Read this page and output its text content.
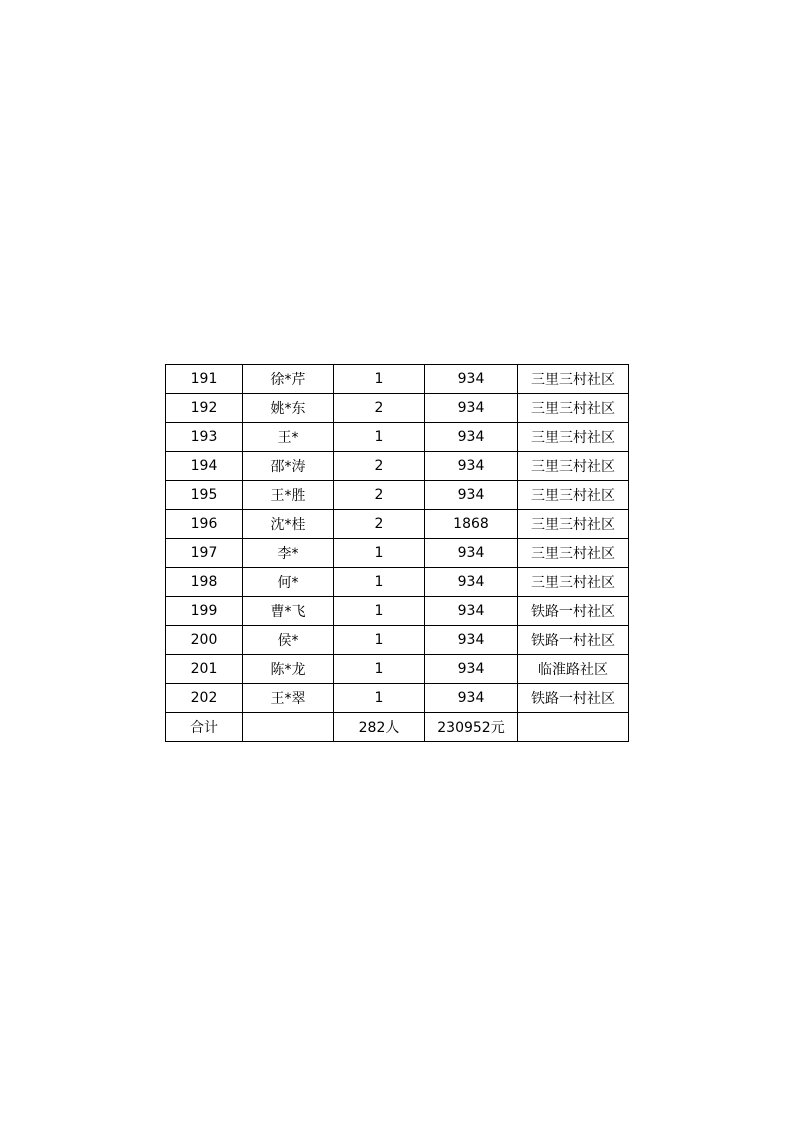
191	徐*芹	1	934	三里三村社区
192	姚*东	2	934	三里三村社区
193	王*	1	934	三里三村社区
194	邵*涛	2	934	三里三村社区
195	王*胜	2	934	三里三村社区
196	沈*桂	2	1868	三里三村社区
197	李*	1	934	三里三村社区
198	何*	1	934	三里三村社区
199	曹*飞	1	934	铁路一村社区
200	侯*	1	934	铁路一村社区
201	陈*龙	1	934	临淮路社区
202	王*翠	1	934	铁路一村社区
合计		282人	230952元	
